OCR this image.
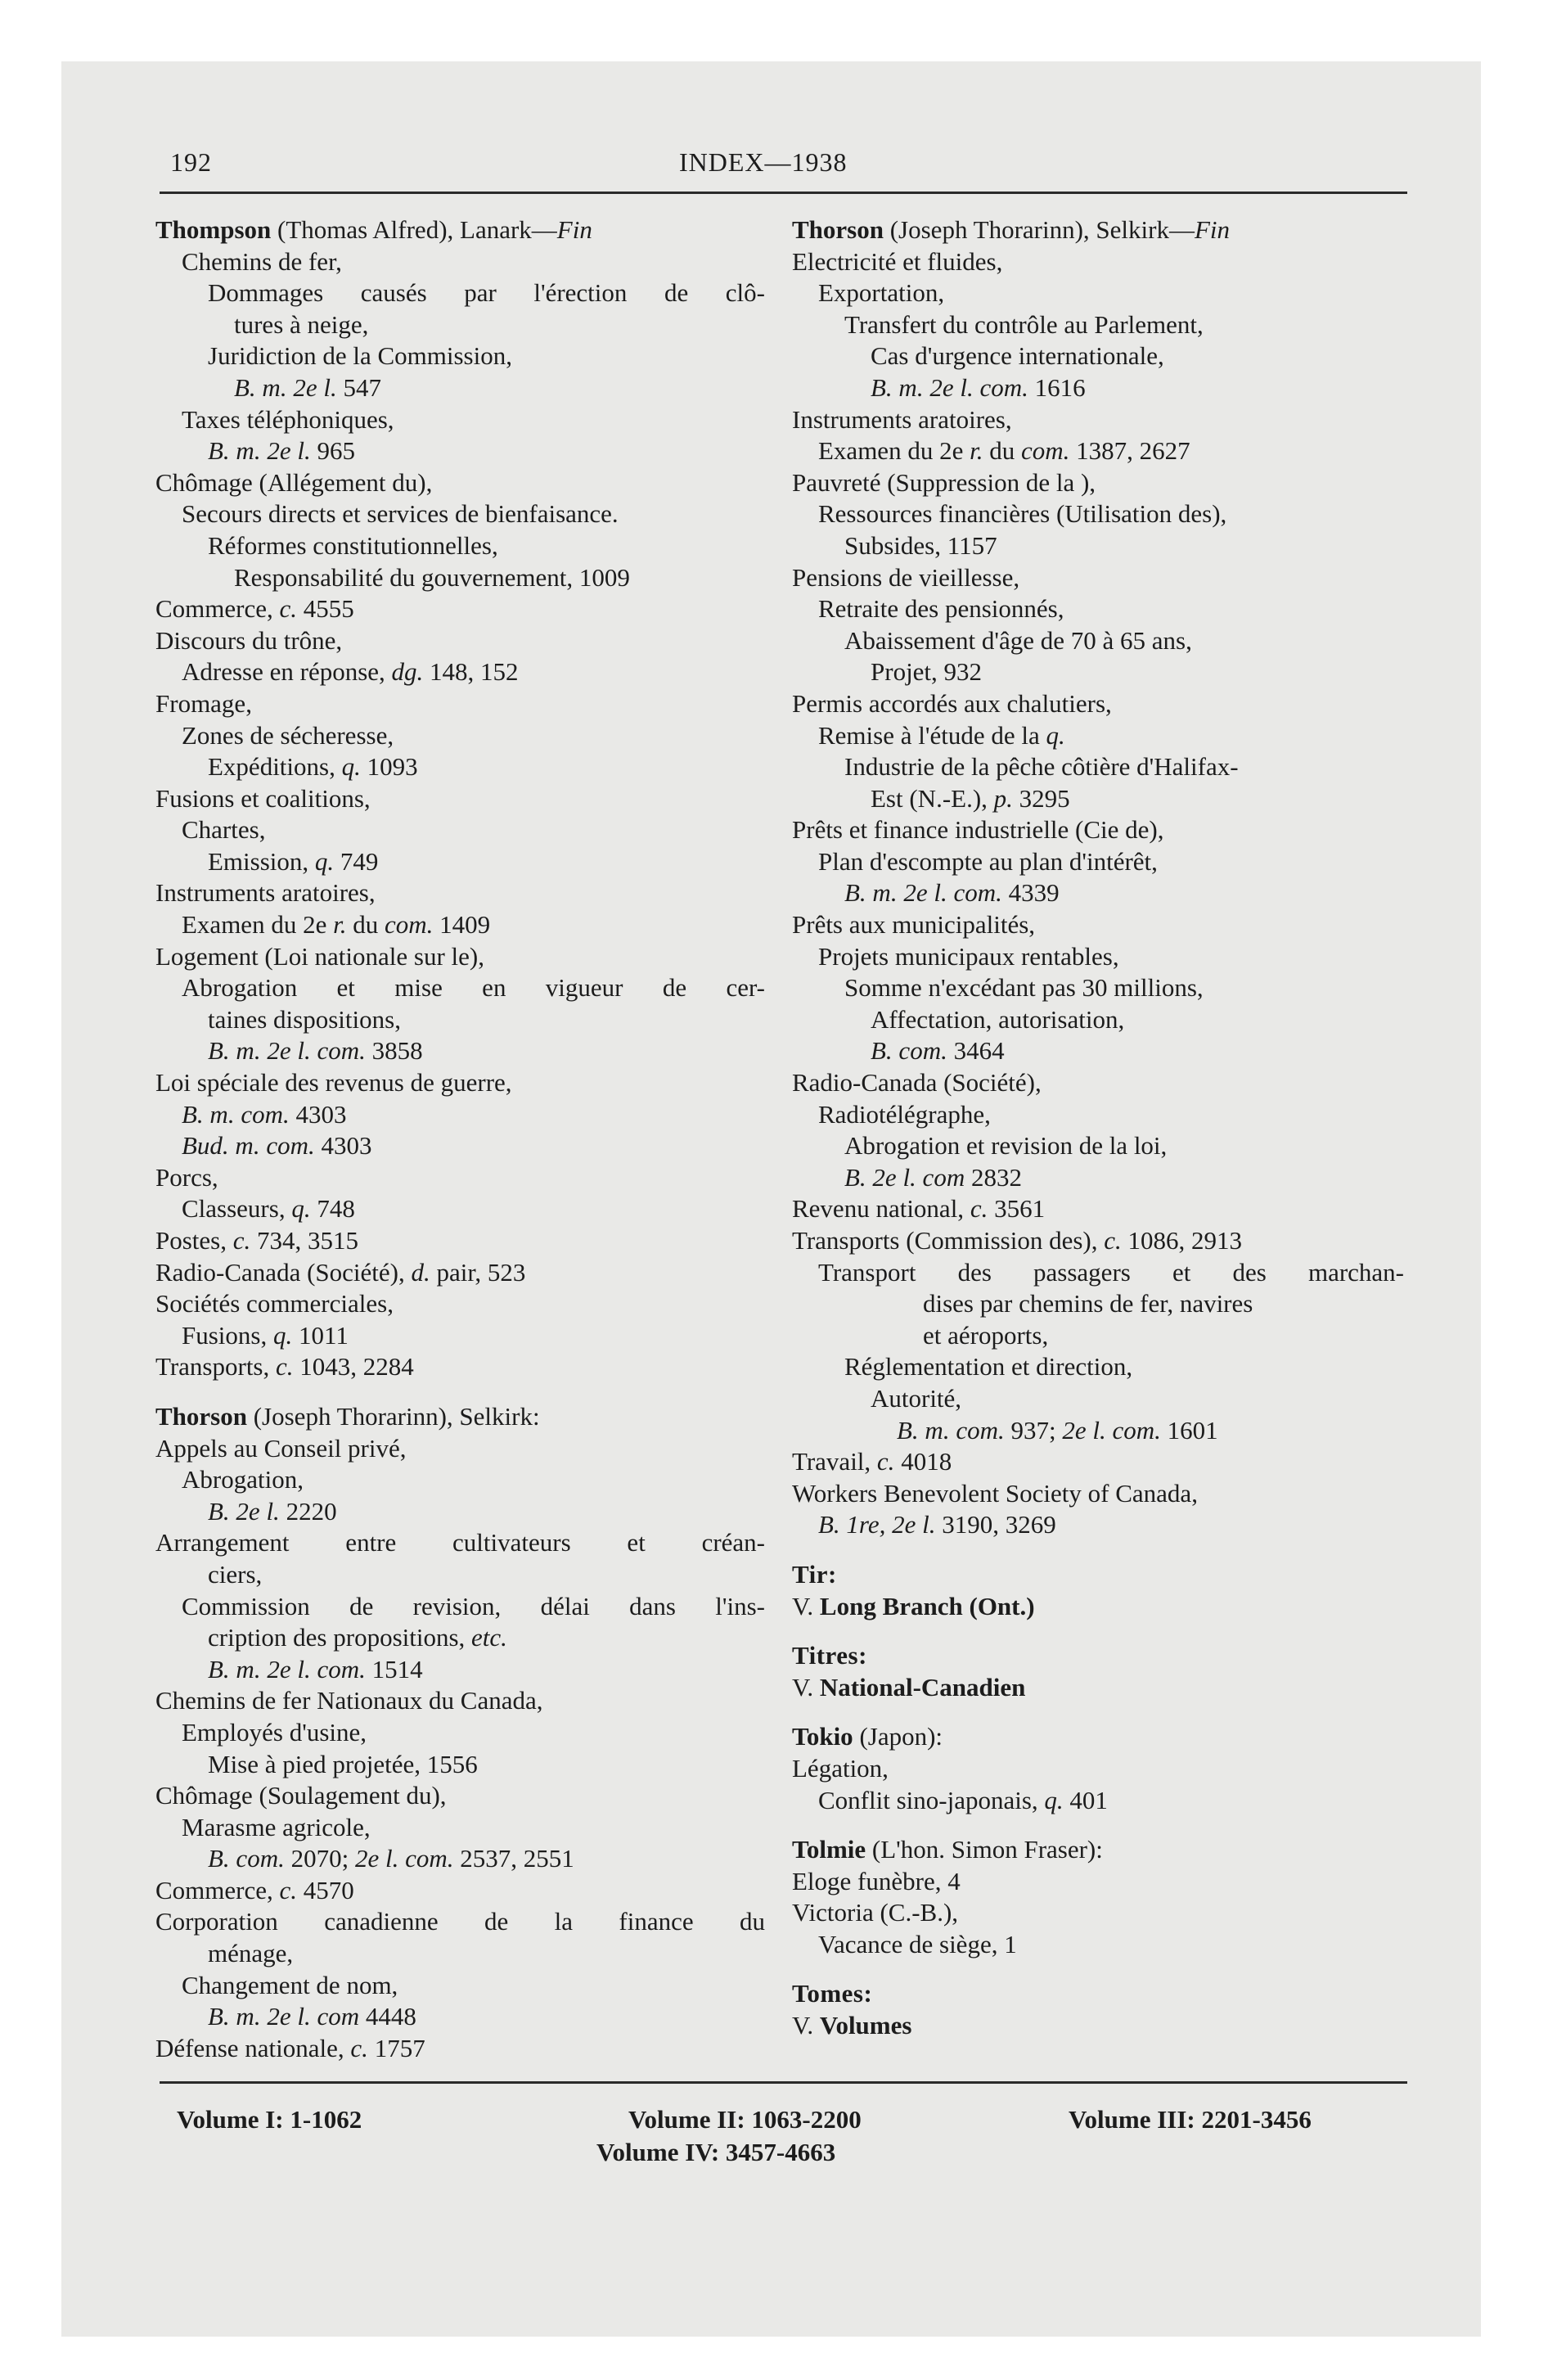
192	INDEX—1938
Thompson (Thomas Alfred), Lanark—Fin
Chemins de fer,
Dommages causés par l'érection de clô-
tures à neige,
Juridiction de la Commission,
B. m. 2e l. 547
Taxes téléphoniques,
B. m. 2e l. 965
Chômage (Allégement du),
Secours directs et services de bienfaisance.
Réformes constitutionnelles,
Responsabilité du gouvernement, 1009
Commerce, c. 4555
Discours du trône,
Adresse en réponse, dg. 148, 152
Fromage,
Zones de sécheresse,
Expéditions, q. 1093
Fusions et coalitions,
Chartes,
Emission, q. 749
Instruments aratoires,
Examen du 2e r. du com. 1409
Logement (Loi nationale sur le),
Abrogation et mise en vigueur de cer-
taines dispositions,
B. m. 2e l. com. 3858
Loi spéciale des revenus de guerre,
B. m. com. 4303
Bud. m. com. 4303
Porcs,
Classeurs, q. 748
Postes, c. 734, 3515
Radio-Canada (Société), d. pair, 523
Sociétés commerciales,
Fusions, q. 1011
Transports, c. 1043, 2284
Thorson (Joseph Thorarinn), Selkirk:
Appels au Conseil privé,
Abrogation,
B. 2e l. 2220
Arrangement entre cultivateurs et créan-
ciers,
Commission de revision, délai dans l'ins-
cription des propositions, etc.
B. m. 2e l. com. 1514
Chemins de fer Nationaux du Canada,
Employés d'usine,
Mise à pied projetée, 1556
Chômage (Soulagement du),
Marasme agricole,
B. com. 2070; 2e l. com. 2537, 2551
Commerce, c. 4570
Corporation canadienne de la finance du
ménage,
Changement de nom,
B. m. 2e l. com 4448
Défense nationale, c. 1757
Thorson (Joseph Thorarinn), Selkirk—Fin
Electricité et fluides,
Exportation,
Transfert du contrôle au Parlement,
Cas d'urgence internationale,
B. m. 2e l. com. 1616
Instruments aratoires,
Examen du 2e r. du com. 1387, 2627
Pauvreté (Suppression de la ),
Ressources financières (Utilisation des),
Subsides, 1157
Pensions de vieillesse,
Retraite des pensionnés,
Abaissement d'âge de 70 à 65 ans,
Projet, 932
Permis accordés aux chalutiers,
Remise à l'étude de la q.
Industrie de la pêche côtière d'Halifax-
Est (N.-E.), p. 3295
Prêts et finance industrielle (Cie de),
Plan d'escompte au plan d'intérêt,
B. m. 2e l. com. 4339
Prêts aux municipalités,
Projets municipaux rentables,
Somme n'excédant pas 30 millions,
Affectation, autorisation,
B. com. 3464
Radio-Canada (Société),
Radiotélégraphe,
Abrogation et revision de la loi,
B. 2e l. com 2832
Revenu national, c. 3561
Transports (Commission des), c. 1086, 2913
Transport des passagers et des marchan-
dises par chemins de fer, navires
et aéroports,
Réglementation et direction,
Autorité,
B. m. com. 937; 2e l. com. 1601
Travail, c. 4018
Workers Benevolent Society of Canada,
B. 1re, 2e l. 3190, 3269
Tir:
V. Long Branch (Ont.)
Titres:
V. National-Canadien
Tokio (Japon):
Légation,
Conflit sino-japonais, q. 401
Tolmie (L'hon. Simon Fraser):
Eloge funèbre, 4
Victoria (C.-B.),
Vacance de siège, 1
Tomes:
V. Volumes
Volume I: 1-1062	Volume II: 1063-2200	Volume III: 2201-3456
Volume IV: 3457-4663
